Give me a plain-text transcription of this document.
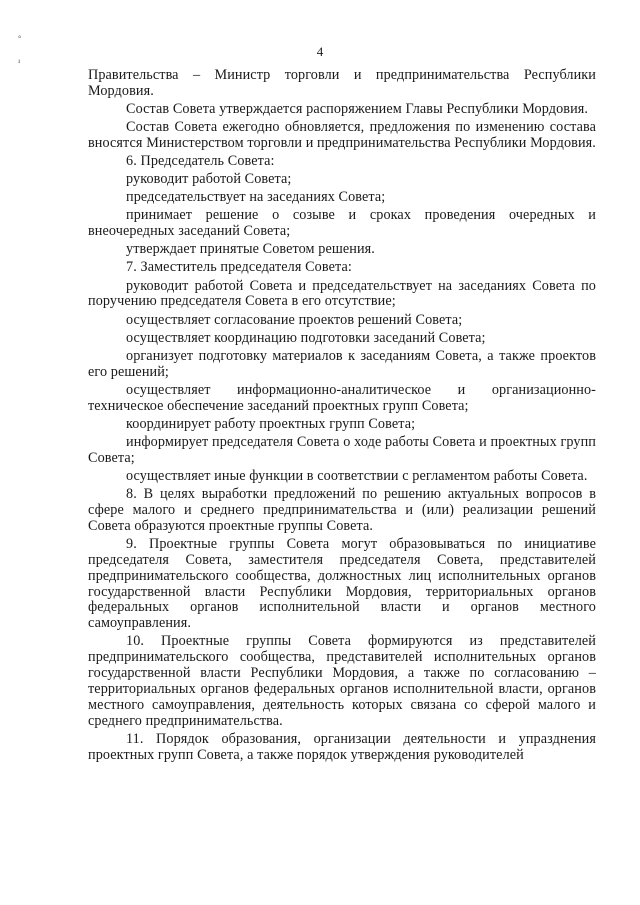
°
¹
4

Правительства – Министр торговли и предпринимательства Республики Мордовия.

Состав Совета утверждается распоряжением Главы Республики Мордовия.

Состав Совета ежегодно обновляется, предложения по изменению состава вносятся Министерством торговли и предпринимательства Республики Мордовия.

6. Председатель Совета:

руководит работой Совета;

председательствует на заседаниях Совета;

принимает решение о созыве и сроках проведения очередных и внеочередных заседаний Совета;

утверждает принятые Советом решения.

7. Заместитель председателя Совета:

руководит работой Совета и председательствует на заседаниях Совета по поручению председателя Совета в его отсутствие;

осуществляет согласование проектов решений Совета;

осуществляет координацию подготовки заседаний Совета;

организует подготовку материалов к заседаниям Совета, а также проектов его решений;

осуществляет информационно-аналитическое и организационно-техническое обеспечение заседаний проектных групп Совета;

координирует работу проектных групп Совета;

информирует председателя Совета о ходе работы Совета и проектных групп Совета;

осуществляет иные функции в соответствии с регламентом работы Совета.

8. В целях выработки предложений по решению актуальных вопросов в сфере малого и среднего предпринимательства и (или) реализации решений Совета образуются проектные группы Совета.

9. Проектные группы Совета могут образовываться по инициативе председателя Совета, заместителя председателя Совета, представителей предпринимательского сообщества, должностных лиц исполнительных органов государственной власти Республики Мордовия, территориальных органов федеральных органов исполнительной власти и органов местного самоуправления.

10. Проектные группы Совета формируются из представителей предпринимательского сообщества, представителей исполнительных органов государственной власти Республики Мордовия, а также по согласованию – территориальных органов федеральных органов исполнительной власти, органов местного самоуправления, деятельность которых связана со сферой малого и среднего предпринимательства.

11. Порядок образования, организации деятельности и упразднения проектных групп Совета, а также порядок утверждения руководителей
